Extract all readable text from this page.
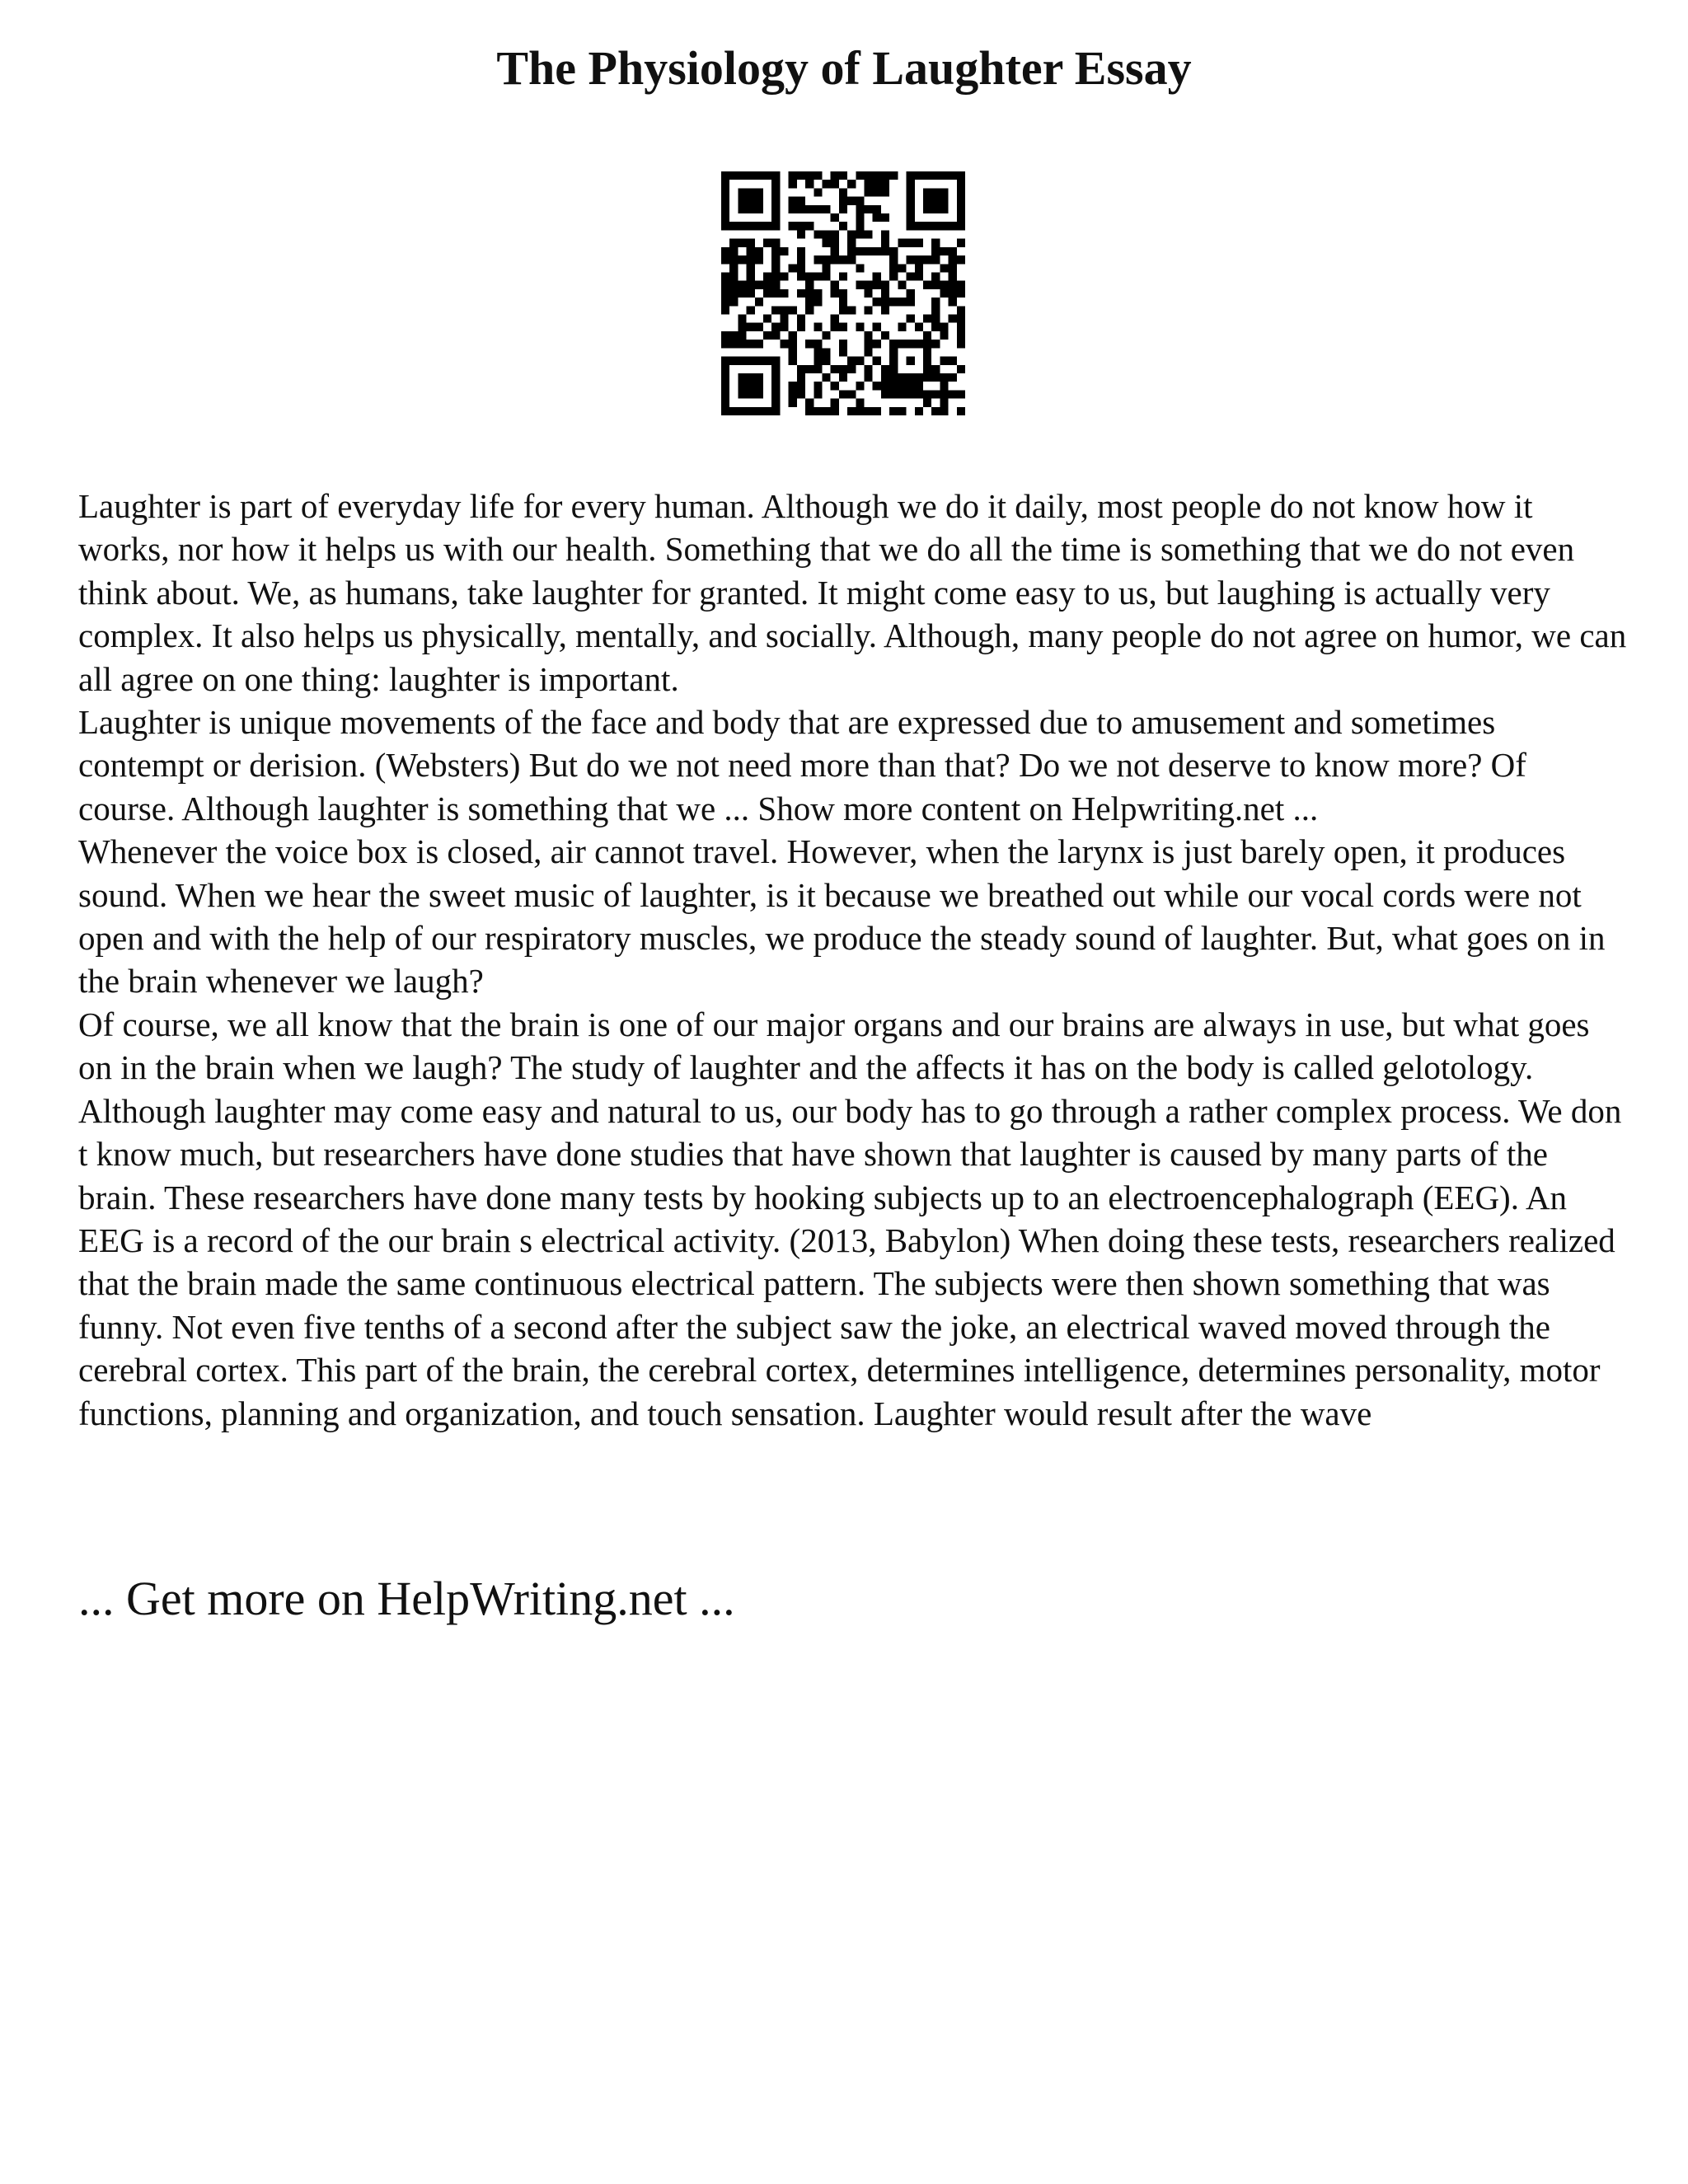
The Physiology of Laughter Essay

Laughter is part of everyday life for every human. Although we do it daily, most people do not know how it works, nor how it helps us with our health. Something that we do all the time is something that we do not even think about. We, as humans, take laughter for granted. It might come easy to us, but laughing is actually very complex. It also helps us physically, mentally, and socially. Although, many people do not agree on humor, we can all agree on one thing: laughter is important.

Laughter is unique movements of the face and body that are expressed due to amusement and sometimes contempt or derision. (Websters) But do we not need more than that? Do we not deserve to know more? Of course. Although laughter is something that we ... Show more content on Helpwriting.net ...

Whenever the voice box is closed, air cannot travel. However, when the larynx is just barely open, it produces sound. When we hear the sweet music of laughter, is it because we breathed out while our vocal cords were not open and with the help of our respiratory muscles, we produce the steady sound of laughter. But, what goes on in the brain whenever we laugh?

Of course, we all know that the brain is one of our major organs and our brains are always in use, but what goes on in the brain when we laugh? The study of laughter and the affects it has on the body is called gelotology. Although laughter may come easy and natural to us, our body has to go through a rather complex process. We don t know much, but researchers have done studies that have shown that laughter is caused by many parts of the brain. These researchers have done many tests by hooking subjects up to an electroencephalograph (EEG). An EEG is a record of the our brain s electrical activity. (2013, Babylon) When doing these tests, researchers realized that the brain made the same continuous electrical pattern. The subjects were then shown something that was funny. Not even five tenths of a second after the subject saw the joke, an electrical waved moved through the cerebral cortex. This part of the brain, the cerebral cortex, determines intelligence, determines personality, motor functions, planning and organization, and touch sensation. Laughter would result after the wave

... Get more on HelpWriting.net ...
